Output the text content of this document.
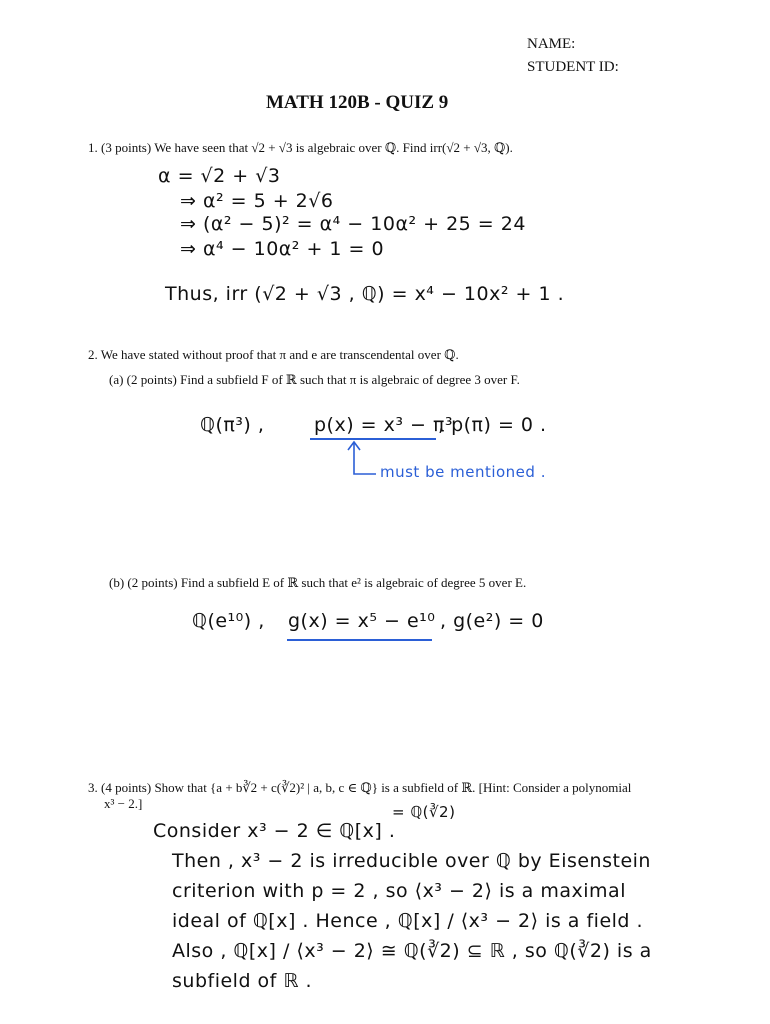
NAME:
STUDENT ID:
MATH 120B - QUIZ 9
1. (3 points) We have seen that √2 + √3 is algebraic over ℚ. Find irr(√2 + √3, ℚ).
α = √2 + √3
⇒ α² = 5 + 2√6
⇒ (α² − 5)² = α⁴ − 10α² + 25 = 24
⇒ α⁴ − 10α² + 1 = 0
Thus, irr (√2 + √3 , ℚ) = x⁴ − 10x² + 1 .
2. We have stated without proof that π and e are transcendental over ℚ.
(a) (2 points) Find a subfield F of ℝ such that π is algebraic of degree 3 over F.
ℚ(π³) ,	p(x) = x³ − π³
, p(π) = 0 .
must be mentioned .
(b) (2 points) Find a subfield E of ℝ such that e² is algebraic of degree 5 over E.
ℚ(e¹⁰) , g(x) = x⁵ − e¹⁰ , g(e²) = 0
3. (4 points) Show that {a + b∛2 + c(∛2)² | a, b, c ∈ ℚ} is a subfield of ℝ. [Hint: Consider a polynomial
x³ − 2.]	= ℚ(∛2)
Consider x³ − 2 ∈ ℚ[x] .
Then , x³ − 2 is irreducible over ℚ by Eisenstein
criterion with p = 2 , so ⟨x³ − 2⟩ is a maximal
ideal of ℚ[x] . Hence , ℚ[x] / ⟨x³ − 2⟩ is a field .
Also , ℚ[x] / ⟨x³ − 2⟩ ≅ ℚ(∛2) ⊆ ℝ , so ℚ(∛2) is a
subfield of ℝ .
